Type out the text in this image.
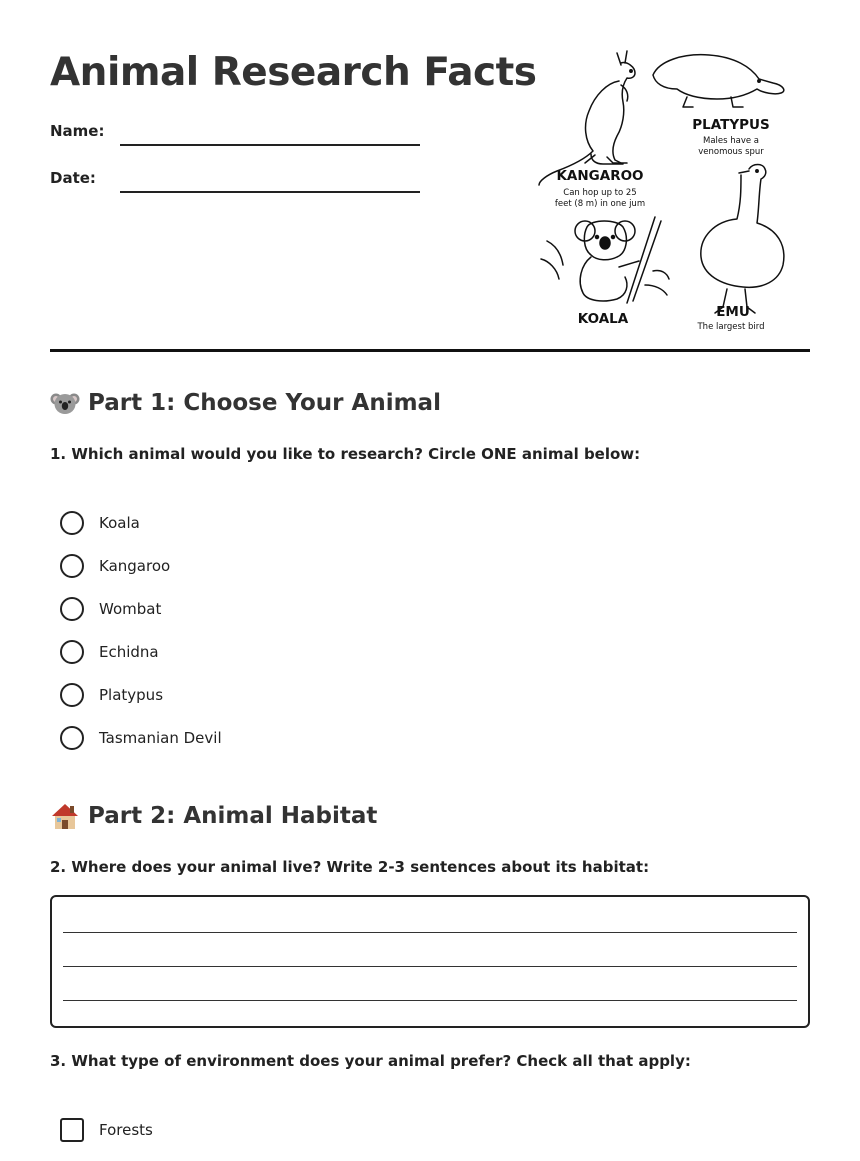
Animal Research Facts
Name:
Date:	KANGAROO
Can hop up to 25
feet (8 m) in one jum
PLATYPUS
Males have a
venomous spur
KOALA	EMU
The largest bird
Part 1: Choose Your Animal
1. Which animal would you like to research? Circle ONE animal below:
Koala
Kangaroo
Wombat
Echidna
Platypus
Tasmanian Devil
Part 2: Animal Habitat
2. Where does your animal live? Write 2-3 sentences about its habitat:
3. What type of environment does your animal prefer? Check all that apply:
Forests
